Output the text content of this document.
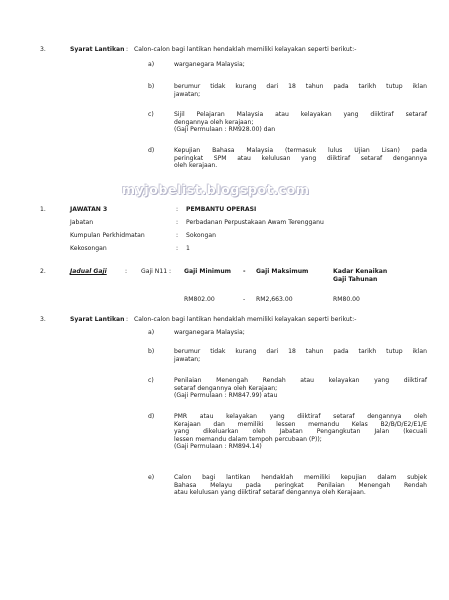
3.	Syarat Lantikan : Calon-calon bagi lantikan hendaklah memiliki kelayakan seperti berikut:-
a)	warganegara Malaysia;
b)	berumur tidak kurang dari 18 tahun pada tarikh tutup iklan
jawatan;
c)	Sijil Pelajaran Malaysia atau kelayakan yang diiktiraf setaraf
dengannya oleh kerajaan;
(Gaji Permulaan : RM928.00) dan
d)	Kepujian Bahasa Malaysia (termasuk lulus Ujian Lisan) pada
peringkat SPM atau kelulusan yang diiktiraf setaraf dengannya
oleh kerajaan.
myjobelist.blogspot.com
1.	JAWATAN 3	: PEMBANTU OPERASI
Jabatan	: Perbadanan Perpustakaan Awam Terengganu
Kumpulan Perkhidmatan	: Sokongan
Kekosongan	: 1
2.	Jadual Gaji	: Gaji N11 : Gaji Minimum - Gaji Maksimum	Kadar Kenaikan
Gaji Tahunan
RM802.00	- RM2,663.00	RM80.00
3.	Syarat Lantikan : Calon-calon bagi lantikan hendaklah memiliki kelayakan seperti berikut:-
a)	warganegara Malaysia;
b)	berumur tidak kurang dari 18 tahun pada tarikh tutup iklan
jawatan;
c)	Penilaian Menengah Rendah atau kelayakan yang diiktiraf
setaraf dengannya oleh Kerajaan;
(Gaji Permulaan : RM847.99) atau
d)	PMR atau kelayakan yang diiktiraf setaraf dengannya oleh
Kerajaan dan memiliki lessen memandu Kelas B2/B/D/E2/E1/E
yang dikeluarkan oleh Jabatan Pengangkutan Jalan (kecuali
lessen memandu dalam tempoh percubaan (P));
(Gaji Permulaan : RM894.14)
e)	Calon bagi lantikan hendaklah memiliki kepujian dalam subjek
Bahasa Melayu pada peringkat Penilaian Menengah Rendah
atau kelulusan yang diiktiraf setaraf dengannya oleh Kerajaan.
